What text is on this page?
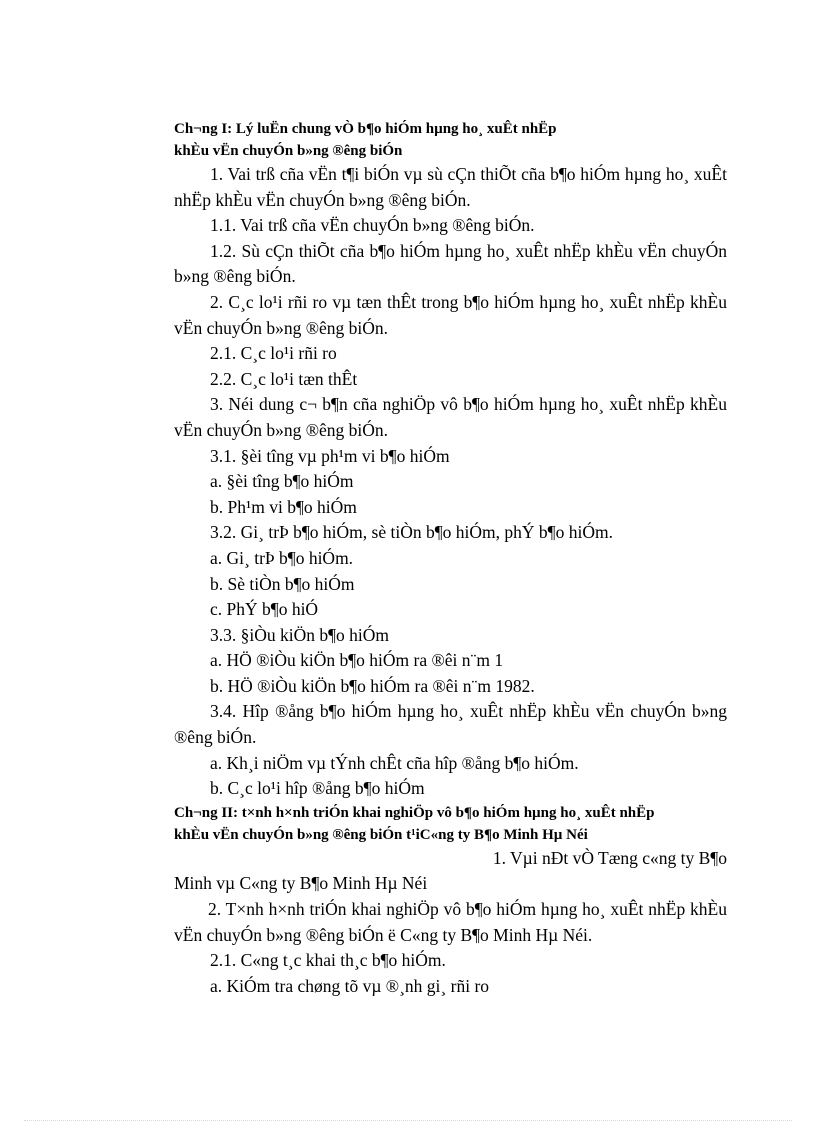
Ch¬ng I: Lý luËn chung vÒ b¶o hiÓm hµng ho¸ xuÊt nhËp
khÈu vËn chuyÓn b»ng ®êng biÓn

1. Vai trß cña vËn t¶i biÓn vµ sù cÇn thiÕt cña b¶o hiÓm hµng ho¸ xuÊt nhËp khÈu vËn chuyÓn b»ng ®êng biÓn.

1.1. Vai trß cña vËn chuyÓn b»ng ®êng biÓn.

1.2. Sù cÇn thiÕt cña b¶o hiÓm hµng ho¸ xuÊt nhËp khÈu vËn chuyÓn b»ng ®êng biÓn.

2. C¸c lo¹i rñi ro vµ tæn thÊt trong b¶o hiÓm hµng ho¸ xuÊt nhËp khÈu vËn chuyÓn b»ng ®êng biÓn.

2.1. C¸c lo¹i rñi ro

2.2. C¸c lo¹i tæn thÊt

3. Néi dung c¬ b¶n cña nghiÖp vô b¶o hiÓm hµng ho¸ xuÊt nhËp khÈu vËn chuyÓn b»ng ®êng biÓn.

3.1. §èi tîng vµ ph¹m vi b¶o hiÓm

a. §èi tîng b¶o hiÓm

b. Ph¹m vi b¶o hiÓm

3.2. Gi¸ trÞ b¶o hiÓm, sè tiÒn b¶o hiÓm, phÝ b¶o hiÓm.

a. Gi¸ trÞ b¶o hiÓm.

b. Sè tiÒn b¶o hiÓm

c. PhÝ b¶o hiÓ

3.3. §iÒu kiÖn b¶o hiÓm

a. HÖ ®iÒu kiÖn b¶o hiÓm ra ®êi n¨m 1

b. HÖ ®iÒu kiÖn b¶o hiÓm ra ®êi n¨m 1982.

3.4. Hîp ®ång b¶o hiÓm hµng ho¸ xuÊt nhËp khÈu vËn chuyÓn b»ng ®êng biÓn.

a. Kh¸i niÖm vµ tÝnh chÊt cña hîp ®ång b¶o hiÓm.

b. C¸c lo¹i hîp ®ång b¶o hiÓm

Ch¬ng II: t×nh h×nh triÓn khai nghiÖp vô b¶o hiÓm hµng ho¸ xuÊt nhËp
khÈu vËn chuyÓn b»ng ®êng biÓn t¹iC«ng ty B¶o Minh Hµ Néi

1. Vµi nÐt vÒ Tæng c«ng ty B¶o

Minh vµ C«ng ty B¶o Minh Hµ Néi

2. T×nh h×nh triÓn khai nghiÖp vô b¶o hiÓm hµng ho¸ xuÊt nhËp khÈu vËn chuyÓn b»ng ®êng biÓn ë C«ng ty B¶o Minh Hµ Néi.

2.1. C«ng t¸c khai th¸c b¶o hiÓm.

a. KiÓm tra chøng tõ vµ ®¸nh gi¸ rñi ro
